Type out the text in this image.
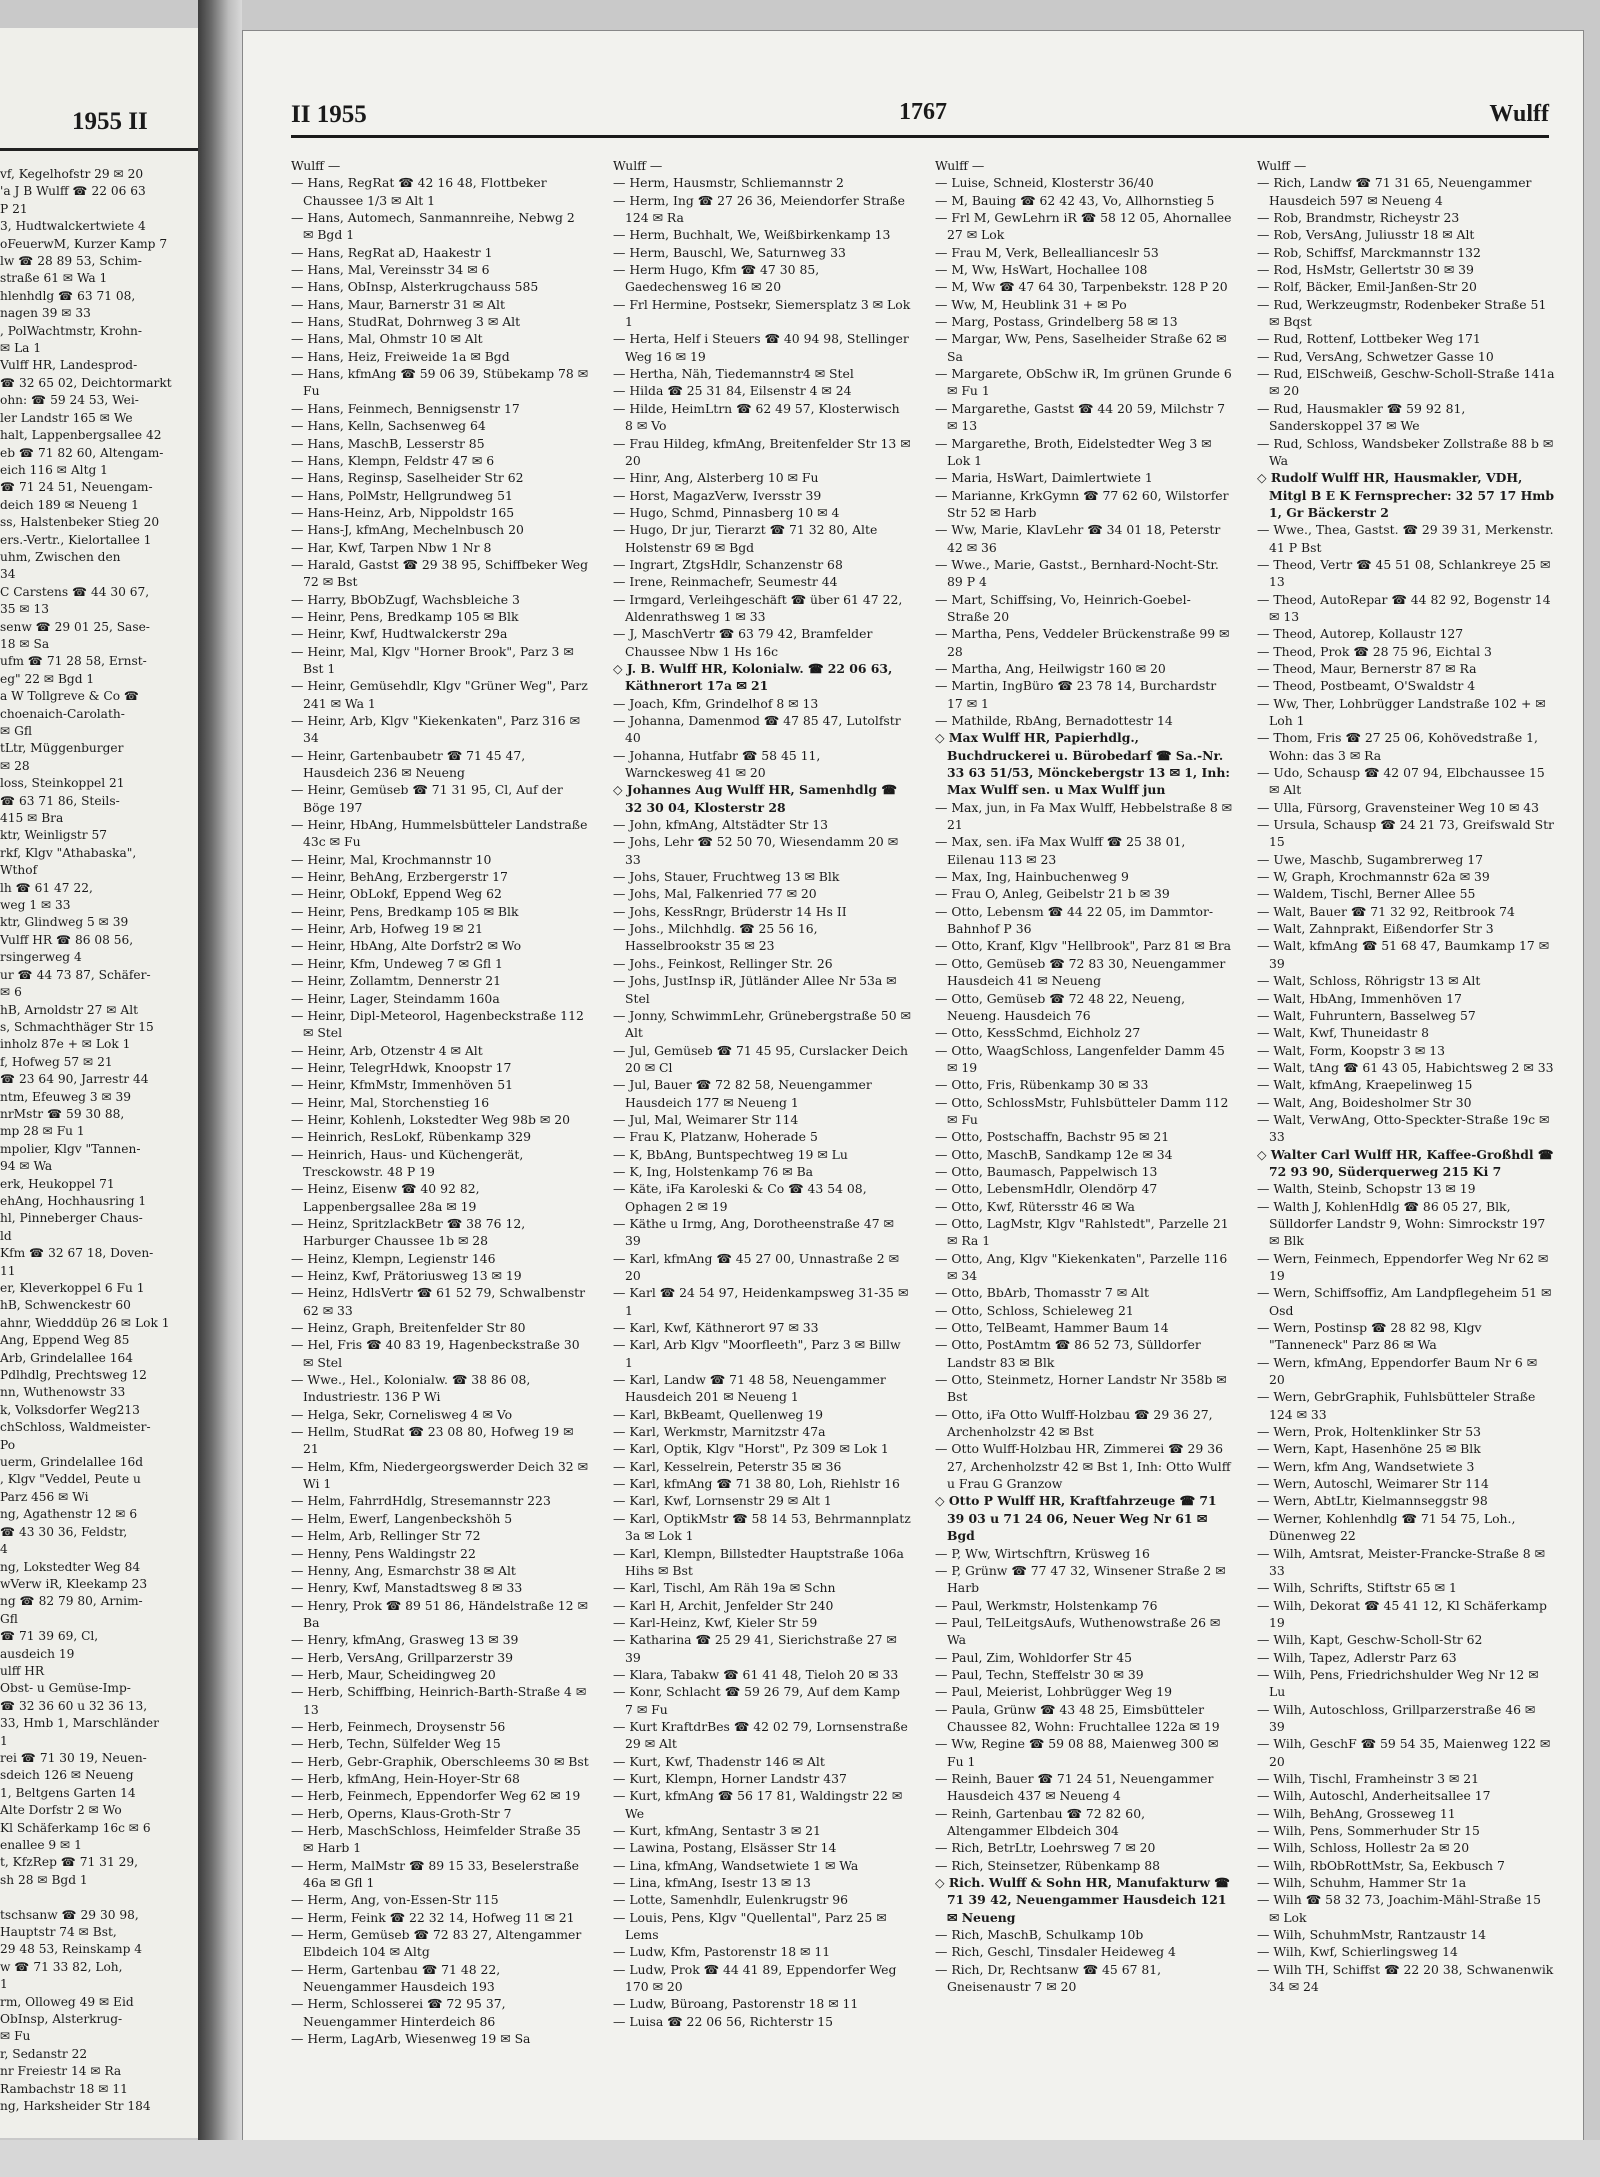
1955 II
vf, Kegelhofstr 29 ✉ 20
'a J B Wulff ☎ 22 06 63
P 21
3, Hudtwalckertwiete 4
oFeuerwM, Kurzer Kamp 7
lw ☎ 28 89 53, Schim-
straße 61 ✉ Wa 1
hlenhdlg ☎ 63 71 08,
nagen 39 ✉ 33
, PolWachtmstr, Krohn-
✉ La 1
Vulff HR, Landesprod-
☎ 32 65 02, Deichtormarkt
ohn: ☎ 59 24 53, Wei-
ler Landstr 165 ✉ We
halt, Lappenbergsallee 42
eb ☎ 71 82 60, Altengam-
eich 116 ✉ Altg 1
☎ 71 24 51, Neuengam-
deich 189 ✉ Neueng 1
ss, Halstenbeker Stieg 20
ers.-Vertr., Kielortallee 1
uhm, Zwischen den
34
C Carstens ☎ 44 30 67,
35 ✉ 13
senw ☎ 29 01 25, Sase-
18 ✉ Sa
ufm ☎ 71 28 58, Ernst-
eg" 22 ✉ Bgd 1
a W Tollgreve & Co ☎
choenaich-Carolath-
✉ Gfl
tLtr, Müggenburger
✉ 28
loss, Steinkoppel 21
☎ 63 71 86, Steils-
415 ✉ Bra
ktr, Weinligstr 57
rkf, Klgv "Athabaska",
Wthof
lh ☎ 61 47 22,
weg 1 ✉ 33
ktr, Glindweg 5 ✉ 39
Vulff HR ☎ 86 08 56,
rsingerweg 4
ur ☎ 44 73 87, Schäfer-
✉ 6
hB, Arnoldstr 27 ✉ Alt
s, Schmachthäger Str 15
inholz 87e + ✉ Lok 1
f, Hofweg 57 ✉ 21
☎ 23 64 90, Jarrestr 44
ntm, Efeuweg 3 ✉ 39
nrMstr ☎ 59 30 88,
mp 28 ✉ Fu 1
mpolier, Klgv "Tannen-
94 ✉ Wa
erk, Heukoppel 71
ehAng, Hochhausring 1
hl, Pinneberger Chaus-
ld
Kfm ☎ 32 67 18, Doven-
11
er, Kleverkoppel 6 Fu 1
hB, Schwenckestr 60
ahnr, Wiedddüp 26 ✉ Lok 1
Ang, Eppend Weg 85
Arb, Grindelallee 164
Pdlhdlg, Prechtsweg 12
nn, Wuthenowstr 33
k, Volksdorfer Weg213
chSchloss, Waldmeister-
Po
uerm, Grindelallee 16d
, Klgv "Veddel, Peute u
Parz 456 ✉ Wi
ng, Agathenstr 12 ✉ 6
☎ 43 30 36, Feldstr,
4
ng, Lokstedter Weg 84
wVerw iR, Kleekamp 23
ng ☎ 82 79 80, Arnim-
Gfl
☎ 71 39 69, Cl,
ausdeich 19
ulff HR
Obst- u Gemüse-Imp-
☎ 32 36 60 u 32 36 13,
33, Hmb 1, Marschländer
1
rei ☎ 71 30 19, Neuen-
sdeich 126 ✉ Neueng
1, Beltgens Garten 14
Alte Dorfstr 2 ✉ Wo
Kl Schäferkamp 16c ✉ 6
enallee 9 ✉ 1
t, KfzRep ☎ 71 31 29,
sh 28 ✉ Bgd 1

tschsanw ☎ 29 30 98,
Hauptstr 74 ✉ Bst,
29 48 53, Reinskamp 4
w ☎ 71 33 82, Loh,
1
rm, Olloweg 49 ✉ Eid
ObInsp, Alsterkrug-
✉ Fu
r, Sedanstr 22
nr Freiestr 14 ✉ Ra
Rambachstr 18 ✉ 11
ng, Harksheider Str 184
II 1955	1767	Wulff
Wulff —
— Hans, RegRat ☎ 42 16 48, Flottbeker Chaussee 1/3 ✉ Alt 1
— Hans, Automech, Sanmannreihe, Nebwg 2 ✉ Bgd 1
— Hans, RegRat aD, Haakestr 1
— Hans, Mal, Vereinsstr 34 ✉ 6
— Hans, ObInsp, Alsterkrugchauss 585
— Hans, Maur, Barnerstr 31 ✉ Alt
— Hans, StudRat, Dohrnweg 3 ✉ Alt
— Hans, Mal, Ohmstr 10 ✉ Alt
— Hans, Heiz, Freiweide 1a ✉ Bgd
— Hans, kfmAng ☎ 59 06 39, Stübekamp 78 ✉ Fu
— Hans, Feinmech, Bennigsenstr 17
— Hans, Kelln, Sachsenweg 64
— Hans, MaschB, Lesserstr 85
— Hans, Klempn, Feldstr 47 ✉ 6
— Hans, Reginsp, Saselheider Str 62
— Hans, PolMstr, Hellgrundweg 51
— Hans-Heinz, Arb, Nippoldstr 165
— Hans-J, kfmAng, Mechelnbusch 20
— Har, Kwf, Tarpen Nbw 1 Nr 8
— Harald, Gastst ☎ 29 38 95, Schiffbeker Weg 72 ✉ Bst
— Harry, BbObZugf, Wachsbleiche 3
— Heinr, Pens, Bredkamp 105 ✉ Blk
— Heinr, Kwf, Hudtwalckerstr 29a
— Heinr, Mal, Klgv "Horner Brook", Parz 3 ✉ Bst 1
— Heinr, Gemüsehdlr, Klgv "Grüner Weg", Parz 241 ✉ Wa 1
— Heinr, Arb, Klgv "Kiekenkaten", Parz 316 ✉ 34
— Heinr, Gartenbaubetr ☎ 71 45 47, Hausdeich 236 ✉ Neueng
— Heinr, Gemüseb ☎ 71 31 95, Cl, Auf der Böge 197
— Heinr, HbAng, Hummelsbütteler Landstraße 43c ✉ Fu
— Heinr, Mal, Krochmannstr 10
— Heinr, BehAng, Erzbergerstr 17
— Heinr, ObLokf, Eppend Weg 62
— Heinr, Pens, Bredkamp 105 ✉ Blk
— Heinr, Arb, Hofweg 19 ✉ 21
— Heinr, HbAng, Alte Dorfstr2 ✉ Wo
— Heinr, Kfm, Undeweg 7 ✉ Gfl 1
— Heinr, Zollamtm, Dennerstr 21
— Heinr, Lager, Steindamm 160a
— Heinr, Dipl-Meteorol, Hagenbeckstraße 112 ✉ Stel
— Heinr, Arb, Otzenstr 4 ✉ Alt
— Heinr, TelegrHdwk, Knoopstr 17
— Heinr, KfmMstr, Immenhöven 51
— Heinr, Mal, Storchenstieg 16
— Heinr, Kohlenh, Lokstedter Weg 98b ✉ 20
— Heinrich, ResLokf, Rübenkamp 329
— Heinrich, Haus- und Küchengerät, Tresckowstr. 48 P 19
— Heinz, Eisenw ☎ 40 92 82, Lappenbergsallee 28a ✉ 19
— Heinz, SpritzlackBetr ☎ 38 76 12, Harburger Chaussee 1b ✉ 28
— Heinz, Klempn, Legienstr 146
— Heinz, Kwf, Prätoriusweg 13 ✉ 19
— Heinz, HdlsVertr ☎ 61 52 79, Schwalbenstr 62 ✉ 33
— Heinz, Graph, Breitenfelder Str 80
— Hel, Fris ☎ 40 83 19, Hagenbeckstraße 30 ✉ Stel
— Wwe., Hel., Kolonialw. ☎ 38 86 08, Industriestr. 136 P Wi
— Helga, Sekr, Cornelisweg 4 ✉ Vo
— Hellm, StudRat ☎ 23 08 80, Hofweg 19 ✉ 21
— Helm, Kfm, Niedergeorgswerder Deich 32 ✉ Wi 1
— Helm, FahrrdHdlg, Stresemannstr 223
— Helm, Ewerf, Langenbeckshöh 5
— Helm, Arb, Rellinger Str 72
— Henny, Pens Waldingstr 22
— Henny, Ang, Esmarchstr 38 ✉ Alt
— Henry, Kwf, Manstadtsweg 8 ✉ 33
— Henry, Prok ☎ 89 51 86, Händelstraße 12 ✉ Ba
— Henry, kfmAng, Grasweg 13 ✉ 39
— Herb, VersAng, Grillparzerstr 39
— Herb, Maur, Scheidingweg 20
— Herb, Schiffbing, Heinrich-Barth-Straße 4 ✉ 13
— Herb, Feinmech, Droysenstr 56
— Herb, Techn, Sülfelder Weg 15
— Herb, Gebr-Graphik, Oberschleems 30 ✉ Bst
— Herb, kfmAng, Hein-Hoyer-Str 68
— Herb, Feinmech, Eppendorfer Weg 62 ✉ 19
— Herb, Operns, Klaus-Groth-Str 7
— Herb, MaschSchloss, Heimfelder Straße 35 ✉ Harb 1
— Herm, MalMstr ☎ 89 15 33, Beselerstraße 46a ✉ Gfl 1
— Herm, Ang, von-Essen-Str 115
— Herm, Feink ☎ 22 32 14, Hofweg 11 ✉ 21
— Herm, Gemüseb ☎ 72 83 27, Altengammer Elbdeich 104 ✉ Altg
— Herm, Gartenbau ☎ 71 48 22, Neuengammer Hausdeich 193
— Herm, Schlosserei ☎ 72 95 37, Neuengammer Hinterdeich 86
— Herm, LagArb, Wiesenweg 19 ✉ Sa
Wulff —
— Herm, Hausmstr, Schliemannstr 2
— Herm, Ing ☎ 27 26 36, Meiendorfer Straße 124 ✉ Ra
— Herm, Buchhalt, We, Weißbirkenkamp 13
— Herm, Bauschl, We, Saturnweg 33
— Herm Hugo, Kfm ☎ 47 30 85, Gaedechensweg 16 ✉ 20
— Frl Hermine, Postsekr, Siemersplatz 3 ✉ Lok 1
— Herta, Helf i Steuers ☎ 40 94 98, Stellinger Weg 16 ✉ 19
— Hertha, Näh, Tiedemannstr4 ✉ Stel
— Hilda ☎ 25 31 84, Eilsenstr 4 ✉ 24
— Hilde, HeimLtrn ☎ 62 49 57, Klosterwisch 8 ✉ Vo
— Frau Hildeg, kfmAng, Breitenfelder Str 13 ✉ 20
— Hinr, Ang, Alsterberg 10 ✉ Fu
— Horst, MagazVerw, Iversstr 39
— Hugo, Schmd, Pinnasberg 10 ✉ 4
— Hugo, Dr jur, Tierarzt ☎ 71 32 80, Alte Holstenstr 69 ✉ Bgd
— Ingrart, ZtgsHdlr, Schanzenstr 68
— Irene, Reinmachefr, Seumestr 44
— Irmgard, Verleihgeschäft ☎ über 61 47 22, Aldenrathsweg 1 ✉ 33
— J, MaschVertr ☎ 63 79 42, Bramfelder Chaussee Nbw 1 Hs 16c
◇ J. B. Wulff HR, Kolonialw. ☎ 22 06 63, Käthnerort 17a ✉ 21
— Joach, Kfm, Grindelhof 8 ✉ 13
— Johanna, Damenmod ☎ 47 85 47, Lutolfstr 40
— Johanna, Hutfabr ☎ 58 45 11, Warnckesweg 41 ✉ 20
◇ Johannes Aug Wulff HR, Samenhdlg ☎ 32 30 04, Klosterstr 28
— John, kfmAng, Altstädter Str 13
— Johs, Lehr ☎ 52 50 70, Wiesendamm 20 ✉ 33
— Johs, Stauer, Fruchtweg 13 ✉ Blk
— Johs, Mal, Falkenried 77 ✉ 20
— Johs, KessRngr, Brüderstr 14 Hs II
— Johs., Milchhdlg. ☎ 25 56 16, Hasselbrookstr 35 ✉ 23
— Johs., Feinkost, Rellinger Str. 26
— Johs, JustInsp iR, Jütländer Allee Nr 53a ✉ Stel
— Jonny, SchwimmLehr, Grünebergstraße 50 ✉ Alt
— Jul, Gemüseb ☎ 71 45 95, Curslacker Deich 20 ✉ Cl
— Jul, Bauer ☎ 72 82 58, Neuengammer Hausdeich 177 ✉ Neueng 1
— Jul, Mal, Weimarer Str 114
— Frau K, Platzanw, Hoherade 5
— K, BbAng, Buntspechtweg 19 ✉ Lu
— K, Ing, Holstenkamp 76 ✉ Ba
— Käte, iFa Karoleski & Co ☎ 43 54 08, Ophagen 2 ✉ 19
— Käthe u Irmg, Ang, Dorotheenstraße 47 ✉ 39
— Karl, kfmAng ☎ 45 27 00, Unnastraße 2 ✉ 20
— Karl ☎ 24 54 97, Heidenkampsweg 31-35 ✉ 1
— Karl, Kwf, Käthnerort 97 ✉ 33
— Karl, Arb Klgv "Moorfleeth", Parz 3 ✉ Billw 1
— Karl, Landw ☎ 71 48 58, Neuengammer Hausdeich 201 ✉ Neueng 1
— Karl, BkBeamt, Quellenweg 19
— Karl, Werkmstr, Marnitzstr 47a
— Karl, Optik, Klgv "Horst", Pz 309 ✉ Lok 1
— Karl, Kesselrein, Peterstr 35 ✉ 36
— Karl, kfmAng ☎ 71 38 80, Loh, Riehlstr 16
— Karl, Kwf, Lornsenstr 29 ✉ Alt 1
— Karl, OptikMstr ☎ 58 14 53, Behrmannplatz 3a ✉ Lok 1
— Karl, Klempn, Billstedter Hauptstraße 106a Hihs ✉ Bst
— Karl, Tischl, Am Räh 19a ✉ Schn
— Karl H, Archit, Jenfelder Str 240
— Karl-Heinz, Kwf, Kieler Str 59
— Katharina ☎ 25 29 41, Sierichstraße 27 ✉ 39
— Klara, Tabakw ☎ 61 41 48, Tieloh 20 ✉ 33
— Konr, Schlacht ☎ 59 26 79, Auf dem Kamp 7 ✉ Fu
— Kurt KraftdrBes ☎ 42 02 79, Lornsenstraße 29 ✉ Alt
— Kurt, Kwf, Thadenstr 146 ✉ Alt
— Kurt, Klempn, Horner Landstr 437
— Kurt, kfmAng ☎ 56 17 81, Waldingstr 22 ✉ We
— Kurt, kfmAng, Sentastr 3 ✉ 21
— Lawina, Postang, Elsässer Str 14
— Lina, kfmAng, Wandsetwiete 1 ✉ Wa
— Lina, kfmAng, Isestr 13 ✉ 13
— Lotte, Samenhdlr, Eulenkrugstr 96
— Louis, Pens, Klgv "Quellental", Parz 25 ✉ Lems
— Ludw, Kfm, Pastorenstr 18 ✉ 11
— Ludw, Prok ☎ 44 41 89, Eppendorfer Weg 170 ✉ 20
— Ludw, Büroang, Pastorenstr 18 ✉ 11
— Luisa ☎ 22 06 56, Richterstr 15
Wulff —
— Luise, Schneid, Klosterstr 36/40
— M, Bauing ☎ 62 42 43, Vo, Allhornstieg 5
— Frl M, GewLehrn iR ☎ 58 12 05, Ahornallee 27 ✉ Lok
— Frau M, Verk, Belleallianceslr 53
— M, Ww, HsWart, Hochallee 108
— M, Ww ☎ 47 64 30, Tarpenbekstr. 128 P 20
— Ww, M, Heublink 31 + ✉ Po
— Marg, Postass, Grindelberg 58 ✉ 13
— Margar, Ww, Pens, Saselheider Straße 62 ✉ Sa
— Margarete, ObSchw iR, Im grünen Grunde 6 ✉ Fu 1
— Margarethe, Gastst ☎ 44 20 59, Milchstr 7 ✉ 13
— Margarethe, Broth, Eidelstedter Weg 3 ✉ Lok 1
— Maria, HsWart, Daimlertwiete 1
— Marianne, KrkGymn ☎ 77 62 60, Wilstorfer Str 52 ✉ Harb
— Ww, Marie, KlavLehr ☎ 34 01 18, Peterstr 42 ✉ 36
— Wwe., Marie, Gastst., Bernhard-Nocht-Str. 89 P 4
— Mart, Schiffsing, Vo, Heinrich-Goebel-Straße 20
— Martha, Pens, Veddeler Brückenstraße 99 ✉ 28
— Martha, Ang, Heilwigstr 160 ✉ 20
— Martin, IngBüro ☎ 23 78 14, Burchardstr 17 ✉ 1
— Mathilde, RbAng, Bernadottestr 14
◇ Max Wulff HR, Papierhdlg., Buchdruckerei u. Bürobedarf ☎ Sa.-Nr. 33 63 51/53, Mönckebergstr 13 ✉ 1, Inh: Max Wulff sen. u Max Wulff jun
— Max, jun, in Fa Max Wulff, Hebbelstraße 8 ✉ 21
— Max, sen. iFa Max Wulff ☎ 25 38 01, Eilenau 113 ✉ 23
— Max, Ing, Hainbuchenweg 9
— Frau O, Anleg, Geibelstr 21 b ✉ 39
— Otto, Lebensm ☎ 44 22 05, im Dammtor-Bahnhof P 36
— Otto, Kranf, Klgv "Hellbrook", Parz 81 ✉ Bra
— Otto, Gemüseb ☎ 72 83 30, Neuengammer Hausdeich 41 ✉ Neueng
— Otto, Gemüseb ☎ 72 48 22, Neueng, Neueng. Hausdeich 76
— Otto, KessSchmd, Eichholz 27
— Otto, WaagSchloss, Langenfelder Damm 45 ✉ 19
— Otto, Fris, Rübenkamp 30 ✉ 33
— Otto, SchlossMstr, Fuhlsbütteler Damm 112 ✉ Fu
— Otto, Postschaffn, Bachstr 95 ✉ 21
— Otto, MaschB, Sandkamp 12e ✉ 34
— Otto, Baumasch, Pappelwisch 13
— Otto, LebensmHdlr, Olendörp 47
— Otto, Kwf, Rütersstr 46 ✉ Wa
— Otto, LagMstr, Klgv "Rahlstedt", Parzelle 21 ✉ Ra 1
— Otto, Ang, Klgv "Kiekenkaten", Parzelle 116 ✉ 34
— Otto, BbArb, Thomasstr 7 ✉ Alt
— Otto, Schloss, Schieleweg 21
— Otto, TelBeamt, Hammer Baum 14
— Otto, PostAmtm ☎ 86 52 73, Sülldorfer Landstr 83 ✉ Blk
— Otto, Steinmetz, Horner Landstr Nr 358b ✉ Bst
— Otto, iFa Otto Wulff-Holzbau ☎ 29 36 27, Archenholzstr 42 ✉ Bst
— Otto Wulff-Holzbau HR, Zimmerei ☎ 29 36 27, Archenholzstr 42 ✉ Bst 1, Inh: Otto Wulff u Frau G Granzow
◇ Otto P Wulff HR, Kraftfahrzeuge ☎ 71 39 03 u 71 24 06, Neuer Weg Nr 61 ✉ Bgd
— P, Ww, Wirtschftrn, Krüsweg 16
— P, Grünw ☎ 77 47 32, Winsener Straße 2 ✉ Harb
— Paul, Werkmstr, Holstenkamp 76
— Paul, TelLeitgsAufs, Wuthenowstraße 26 ✉ Wa
— Paul, Zim, Wohldorfer Str 45
— Paul, Techn, Steffelstr 30 ✉ 39
— Paul, Meierist, Lohbrügger Weg 19
— Paula, Grünw ☎ 43 48 25, Eimsbütteler Chaussee 82, Wohn: Fruchtallee 122a ✉ 19
— Ww, Regine ☎ 59 08 88, Maienweg 300 ✉ Fu 1
— Reinh, Bauer ☎ 71 24 51, Neuengammer Hausdeich 437 ✉ Neueng 4
— Reinh, Gartenbau ☎ 72 82 60, Altengammer Elbdeich 304
— Rich, BetrLtr, Loehrsweg 7 ✉ 20
— Rich, Steinsetzer, Rübenkamp 88
◇ Rich. Wulff & Sohn HR, Manufakturw ☎ 71 39 42, Neuengammer Hausdeich 121 ✉ Neueng
— Rich, MaschB, Schulkamp 10b
— Rich, Geschl, Tinsdaler Heideweg 4
— Rich, Dr, Rechtsanw ☎ 45 67 81, Gneisenaustr 7 ✉ 20
Wulff —
— Rich, Landw ☎ 71 31 65, Neuengammer Hausdeich 597 ✉ Neueng 4
— Rob, Brandmstr, Richeystr 23
— Rob, VersAng, Juliusstr 18 ✉ Alt
— Rob, Schiffsf, Marckmannstr 132
— Rod, HsMstr, Gellertstr 30 ✉ 39
— Rolf, Bäcker, Emil-Janßen-Str 20
— Rud, Werkzeugmstr, Rodenbeker Straße 51 ✉ Bqst
— Rud, Rottenf, Lottbeker Weg 171
— Rud, VersAng, Schwetzer Gasse 10
— Rud, ElSchweiß, Geschw-Scholl-Straße 141a ✉ 20
— Rud, Hausmakler ☎ 59 92 81, Sanderskoppel 37 ✉ We
— Rud, Schloss, Wandsbeker Zollstraße 88 b ✉ Wa
◇ Rudolf Wulff HR, Hausmakler, VDH, Mitgl B E K Fernsprecher: 32 57 17 Hmb 1, Gr Bäckerstr 2
— Wwe., Thea, Gastst. ☎ 29 39 31, Merkenstr. 41 P Bst
— Theod, Vertr ☎ 45 51 08, Schlankreye 25 ✉ 13
— Theod, AutoRepar ☎ 44 82 92, Bogenstr 14 ✉ 13
— Theod, Autorep, Kollaustr 127
— Theod, Prok ☎ 28 75 96, Eichtal 3
— Theod, Maur, Bernerstr 87 ✉ Ra
— Theod, Postbeamt, O'Swaldstr 4
— Ww, Ther, Lohbrügger Landstraße 102 + ✉ Loh 1
— Thom, Fris ☎ 27 25 06, Kohövedstraße 1, Wohn: das 3 ✉ Ra
— Udo, Schausp ☎ 42 07 94, Elbchaussee 15 ✉ Alt
— Ulla, Fürsorg, Gravensteiner Weg 10 ✉ 43
— Ursula, Schausp ☎ 24 21 73, Greifswald Str 15
— Uwe, Maschb, Sugambrerweg 17
— W, Graph, Krochmannstr 62a ✉ 39
— Waldem, Tischl, Berner Allee 55
— Walt, Bauer ☎ 71 32 92, Reitbrook 74
— Walt, Zahnprakt, Eißendorfer Str 3
— Walt, kfmAng ☎ 51 68 47, Baumkamp 17 ✉ 39
— Walt, Schloss, Röhrigstr 13 ✉ Alt
— Walt, HbAng, Immenhöven 17
— Walt, Fuhruntern, Basselweg 57
— Walt, Kwf, Thuneidastr 8
— Walt, Form, Koopstr 3 ✉ 13
— Walt, tAng ☎ 61 43 05, Habichtsweg 2 ✉ 33
— Walt, kfmAng, Kraepelinweg 15
— Walt, Ang, Boidesholmer Str 30
— Walt, VerwAng, Otto-Speckter-Straße 19c ✉ 33
◇ Walter Carl Wulff HR, Kaffee-Großhdl ☎ 72 93 90, Süderquerweg 215 Ki 7
— Walth, Steinb, Schopstr 13 ✉ 19
— Walth J, KohlenHdlg ☎ 86 05 27, Blk, Sülldorfer Landstr 9, Wohn: Simrockstr 197 ✉ Blk
— Wern, Feinmech, Eppendorfer Weg Nr 62 ✉ 19
— Wern, Schiffsoffiz, Am Landpflegeheim 51 ✉ Osd
— Wern, Postinsp ☎ 28 82 98, Klgv "Tanneneck" Parz 86 ✉ Wa
— Wern, kfmAng, Eppendorfer Baum Nr 6 ✉ 20
— Wern, GebrGraphik, Fuhlsbütteler Straße 124 ✉ 33
— Wern, Prok, Holtenklinker Str 53
— Wern, Kapt, Hasenhöne 25 ✉ Blk
— Wern, kfm Ang, Wandsetwiete 3
— Wern, Autoschl, Weimarer Str 114
— Wern, AbtLtr, Kielmannseggstr 98
— Werner, Kohlenhdlg ☎ 71 54 75, Loh., Dünenweg 22
— Wilh, Amtsrat, Meister-Francke-Straße 8 ✉ 33
— Wilh, Schrifts, Stiftstr 65 ✉ 1
— Wilh, Dekorat ☎ 45 41 12, Kl Schäferkamp 19
— Wilh, Kapt, Geschw-Scholl-Str 62
— Wilh, Tapez, Adlerstr Parz 63
— Wilh, Pens, Friedrichshulder Weg Nr 12 ✉ Lu
— Wilh, Autoschloss, Grillparzerstraße 46 ✉ 39
— Wilh, GeschF ☎ 59 54 35, Maienweg 122 ✉ 20
— Wilh, Tischl, Framheinstr 3 ✉ 21
— Wilh, Autoschl, Anderheitsallee 17
— Wilh, BehAng, Grosseweg 11
— Wilh, Pens, Sommerhuder Str 15
— Wilh, Schloss, Hollestr 2a ✉ 20
— Wilh, RbObRottMstr, Sa, Eekbusch 7
— Wilh, Schuhm, Hammer Str 1a
— Wilh ☎ 58 32 73, Joachim-Mähl-Straße 15 ✉ Lok
— Wilh, SchuhmMstr, Rantzaustr 14
— Wilh, Kwf, Schierlingsweg 14
— Wilh TH, Schiffst ☎ 22 20 38, Schwanenwik 34 ✉ 24
